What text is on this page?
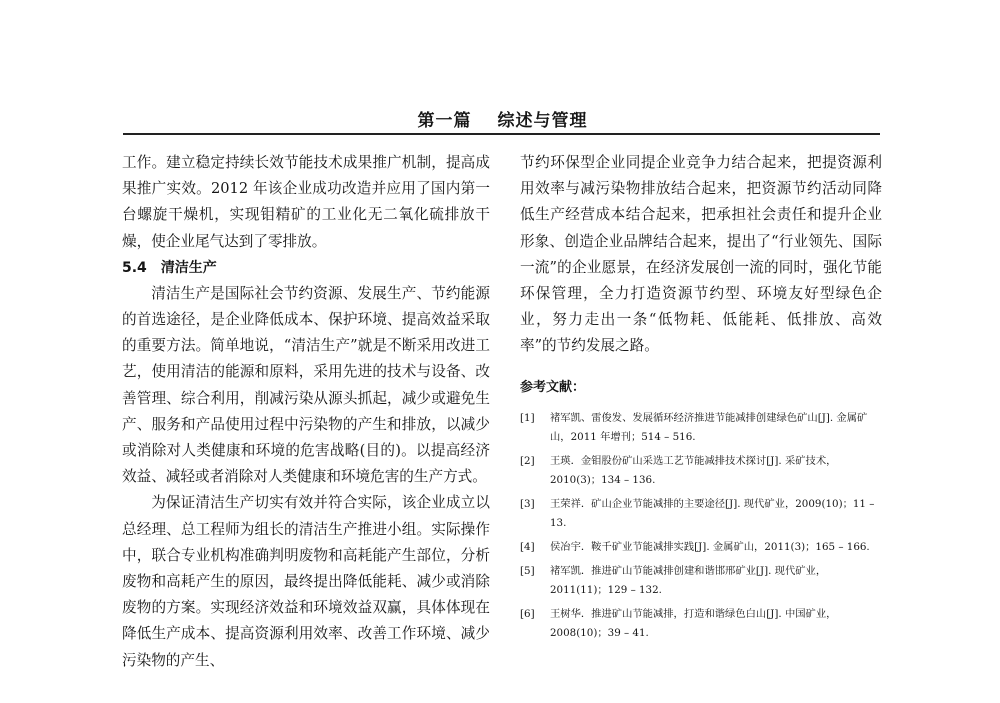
第一篇 综述与管理

工作。建立稳定持续长效节能技术成果推广机制，提高成果推广实效。2012 年该企业成功改造并应用了国内第一台螺旋干燥机，实现钼精矿的工业化无二氧化硫排放干燥，使企业尾气达到了零排放。

5.4 清洁生产

清洁生产是国际社会节约资源、发展生产、节约能源的首选途径，是企业降低成本、保护环境、提高效益采取的重要方法。简单地说，“清洁生产”就是不断采用改进工艺，使用清洁的能源和原料，采用先进的技术与设备、改善管理、综合利用，削减污染从源头抓起，减少或避免生产、服务和产品使用过程中污染物的产生和排放，以减少或消除对人类健康和环境的危害战略(目的)。以提高经济效益、减轻或者消除对人类健康和环境危害的生产方式。

为保证清洁生产切实有效并符合实际，该企业成立以总经理、总工程师为组长的清洁生产推进小组。实际操作中，联合专业机构准确判明废物和高耗能产生部位，分析废物和高耗产生的原因，最终提出降低能耗、减少或消除废物的方案。实现经济效益和环境效益双赢，具体体现在降低生产成本、提高资源利用效率、改善工作环境、减少污染物的产生、

节约环保型企业同提企业竞争力结合起来，把提资源利用效率与减污染物排放结合起来，把资源节约活动同降低生产经营成本结合起来，把承担社会责任和提升企业形象、创造企业品牌结合起来，提出了“行业领先、国际一流”的企业愿景，在经济发展创一流的同时，强化节能环保管理，全力打造资源节约型、环境友好型绿色企业，努力走出一条“低物耗、低能耗、低排放、高效率”的节约发展之路。

参考文献：

[1]	褚军凯、雷俊发、发展循环经济推进节能减排创建绿色矿山[J]. 金属矿山，2011 年增刊；514 – 516.
[2]	王瑛．金钼股份矿山采选工艺节能减排技术探讨[J]. 采矿技术，2010(3)；134 – 136.
[3]	王荣祥．矿山企业节能减排的主要途径[J]. 现代矿业，2009(10)；11 – 13.
[4]	侯冶宇．鞍千矿业节能减排实践[J]. 金属矿山，2011(3)；165 – 166.
[5]	褚军凯．推进矿山节能减排创建和谐邯邢矿业[J]. 现代矿业，2011(11)；129 – 132.
[6]	王树华．推进矿山节能减排，打造和谐绿色白山[J]. 中国矿业，2008(10)；39 – 41.
